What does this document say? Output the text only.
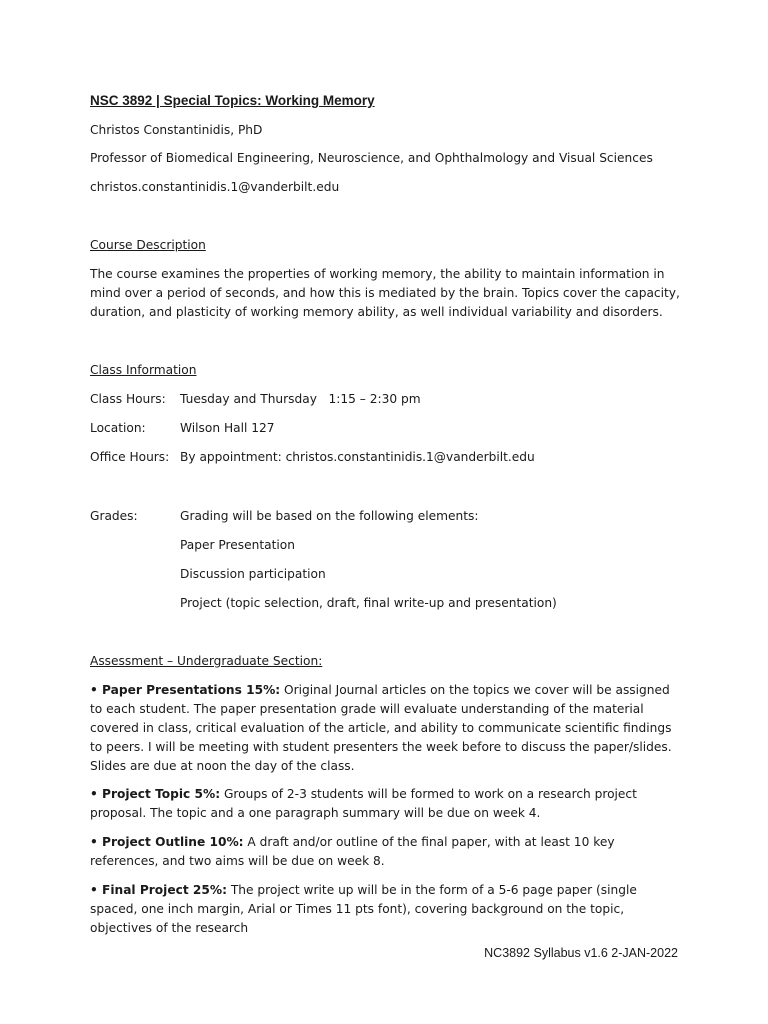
NSC 3892 | Special Topics: Working Memory
Christos Constantinidis, PhD
Professor of Biomedical Engineering, Neuroscience, and Ophthalmology and Visual Sciences
christos.constantinidis.1@vanderbilt.edu
Course Description
The course examines the properties of working memory, the ability to maintain information in mind over a period of seconds, and how this is mediated by the brain. Topics cover the capacity, duration, and plasticity of working memory ability, as well individual variability and disorders.
Class Information
Class Hours: Tuesday and Thursday   1:15 – 2:30 pm
Location:	Wilson Hall 127
Office Hours: By appointment: christos.constantinidis.1@vanderbilt.edu
Grades:	Grading will be based on the following elements:
Paper Presentation
Discussion participation
Project (topic selection, draft, final write-up and presentation)
Assessment – Undergraduate Section:
• Paper Presentations 15%: Original Journal articles on the topics we cover will be assigned to each student. The paper presentation grade will evaluate understanding of the material covered in class, critical evaluation of the article, and ability to communicate scientific findings to peers. I will be meeting with student presenters the week before to discuss the paper/slides. Slides are due at noon the day of the class.
• Project Topic 5%: Groups of 2-3 students will be formed to work on a research project proposal. The topic and a one paragraph summary will be due on week 4.
• Project Outline 10%: A draft and/or outline of the final paper, with at least 10 key references, and two aims will be due on week 8.
• Final Project 25%: The project write up will be in the form of a 5-6 page paper (single spaced, one inch margin, Arial or Times 11 pts font), covering background on the topic, objectives of the research
NC3892 Syllabus v1.6 2-JAN-2022
